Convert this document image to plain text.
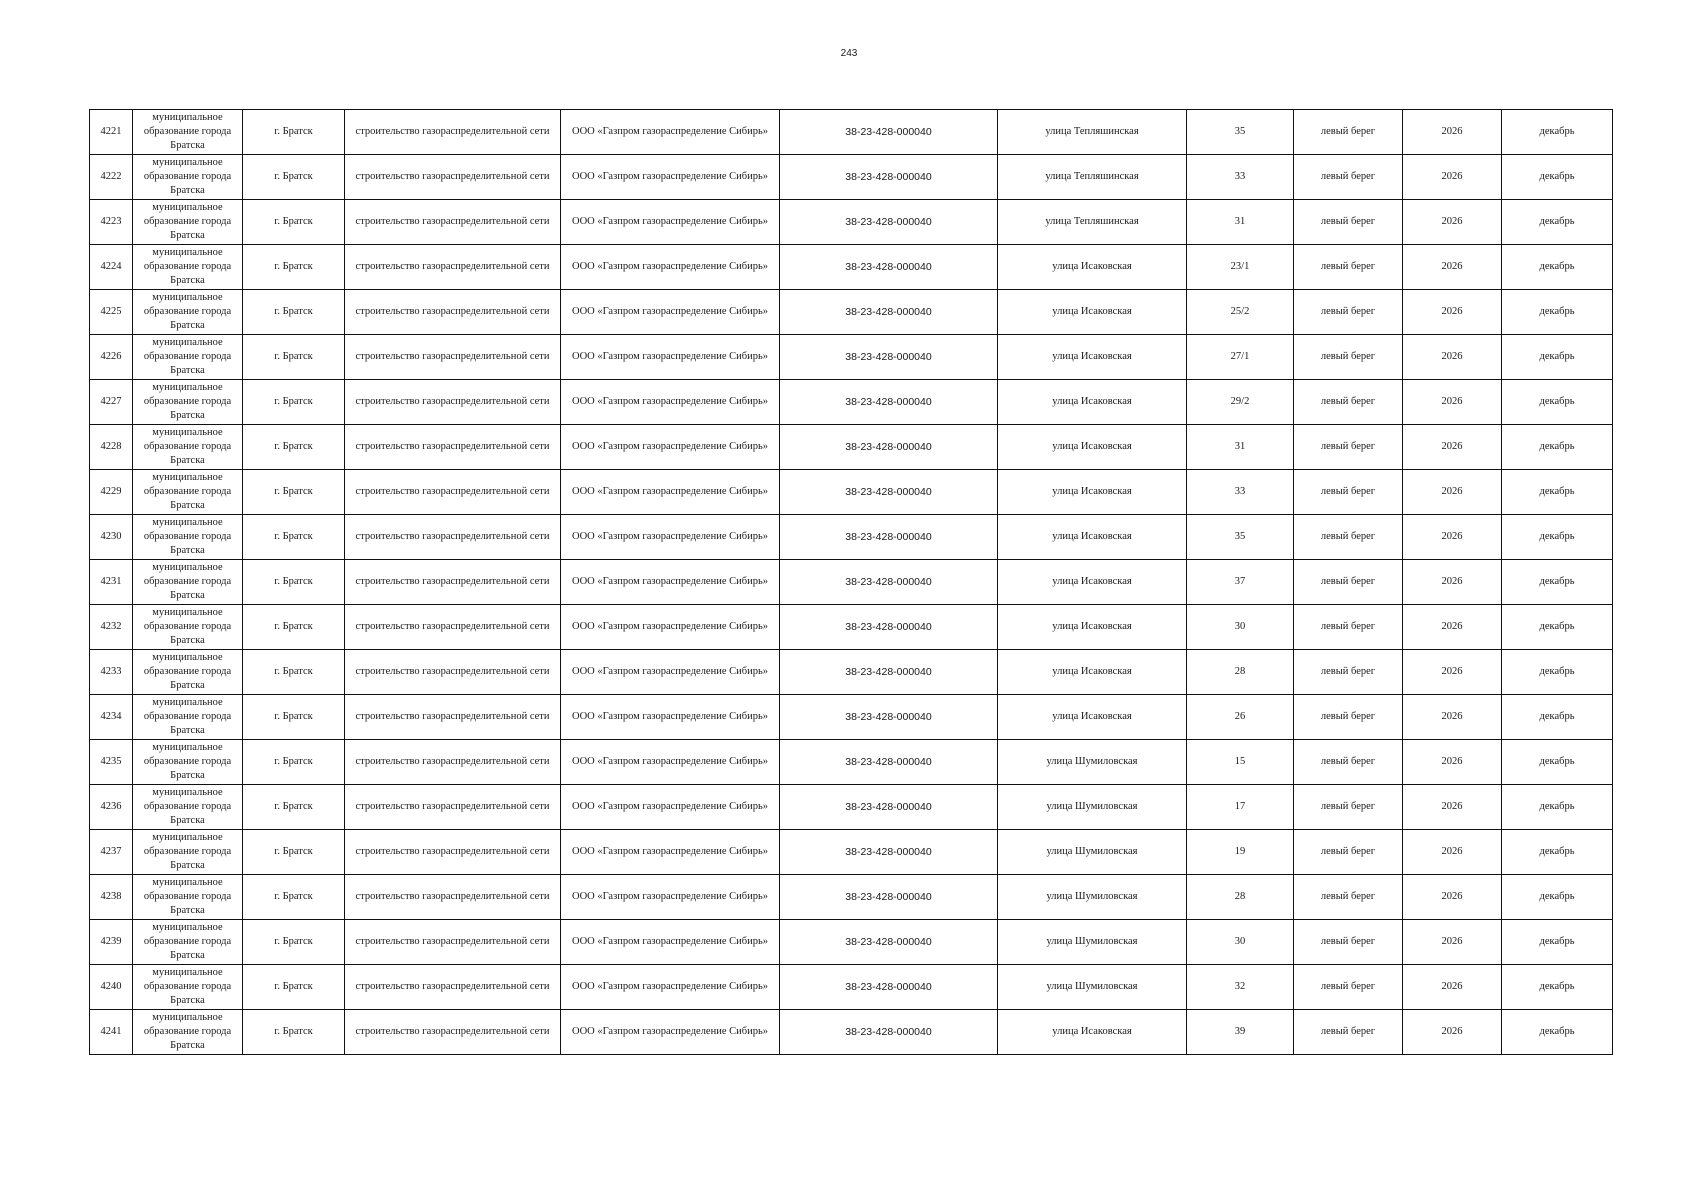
243
4221	муниципальное образование города Братска	г. Братск	строительство газораспределительной сети	ООО «Газпром газораспределение Сибирь»	38-23-428-000040	улица Тепляшинская	35	левый берег	2026	декабрь
4222	муниципальное образование города Братска	г. Братск	строительство газораспределительной сети	ООО «Газпром газораспределение Сибирь»	38-23-428-000040	улица Тепляшинская	33	левый берег	2026	декабрь
4223	муниципальное образование города Братска	г. Братск	строительство газораспределительной сети	ООО «Газпром газораспределение Сибирь»	38-23-428-000040	улица Тепляшинская	31	левый берег	2026	декабрь
4224	муниципальное образование города Братска	г. Братск	строительство газораспределительной сети	ООО «Газпром газораспределение Сибирь»	38-23-428-000040	улица Исаковская	23/1	левый берег	2026	декабрь
4225	муниципальное образование города Братска	г. Братск	строительство газораспределительной сети	ООО «Газпром газораспределение Сибирь»	38-23-428-000040	улица Исаковская	25/2	левый берег	2026	декабрь
4226	муниципальное образование города Братска	г. Братск	строительство газораспределительной сети	ООО «Газпром газораспределение Сибирь»	38-23-428-000040	улица Исаковская	27/1	левый берег	2026	декабрь
4227	муниципальное образование города Братска	г. Братск	строительство газораспределительной сети	ООО «Газпром газораспределение Сибирь»	38-23-428-000040	улица Исаковская	29/2	левый берег	2026	декабрь
4228	муниципальное образование города Братска	г. Братск	строительство газораспределительной сети	ООО «Газпром газораспределение Сибирь»	38-23-428-000040	улица Исаковская	31	левый берег	2026	декабрь
4229	муниципальное образование города Братска	г. Братск	строительство газораспределительной сети	ООО «Газпром газораспределение Сибирь»	38-23-428-000040	улица Исаковская	33	левый берег	2026	декабрь
4230	муниципальное образование города Братска	г. Братск	строительство газораспределительной сети	ООО «Газпром газораспределение Сибирь»	38-23-428-000040	улица Исаковская	35	левый берег	2026	декабрь
4231	муниципальное образование города Братска	г. Братск	строительство газораспределительной сети	ООО «Газпром газораспределение Сибирь»	38-23-428-000040	улица Исаковская	37	левый берег	2026	декабрь
4232	муниципальное образование города Братска	г. Братск	строительство газораспределительной сети	ООО «Газпром газораспределение Сибирь»	38-23-428-000040	улица Исаковская	30	левый берег	2026	декабрь
4233	муниципальное образование города Братска	г. Братск	строительство газораспределительной сети	ООО «Газпром газораспределение Сибирь»	38-23-428-000040	улица Исаковская	28	левый берег	2026	декабрь
4234	муниципальное образование города Братска	г. Братск	строительство газораспределительной сети	ООО «Газпром газораспределение Сибирь»	38-23-428-000040	улица Исаковская	26	левый берег	2026	декабрь
4235	муниципальное образование города Братска	г. Братск	строительство газораспределительной сети	ООО «Газпром газораспределение Сибирь»	38-23-428-000040	улица Шумиловская	15	левый берег	2026	декабрь
4236	муниципальное образование города Братска	г. Братск	строительство газораспределительной сети	ООО «Газпром газораспределение Сибирь»	38-23-428-000040	улица Шумиловская	17	левый берег	2026	декабрь
4237	муниципальное образование города Братска	г. Братск	строительство газораспределительной сети	ООО «Газпром газораспределение Сибирь»	38-23-428-000040	улица Шумиловская	19	левый берег	2026	декабрь
4238	муниципальное образование города Братска	г. Братск	строительство газораспределительной сети	ООО «Газпром газораспределение Сибирь»	38-23-428-000040	улица Шумиловская	28	левый берег	2026	декабрь
4239	муниципальное образование города Братска	г. Братск	строительство газораспределительной сети	ООО «Газпром газораспределение Сибирь»	38-23-428-000040	улица Шумиловская	30	левый берег	2026	декабрь
4240	муниципальное образование города Братска	г. Братск	строительство газораспределительной сети	ООО «Газпром газораспределение Сибирь»	38-23-428-000040	улица Шумиловская	32	левый берег	2026	декабрь
4241	муниципальное образование города Братска	г. Братск	строительство газораспределительной сети	ООО «Газпром газораспределение Сибирь»	38-23-428-000040	улица Исаковская	39	левый берег	2026	декабрь
